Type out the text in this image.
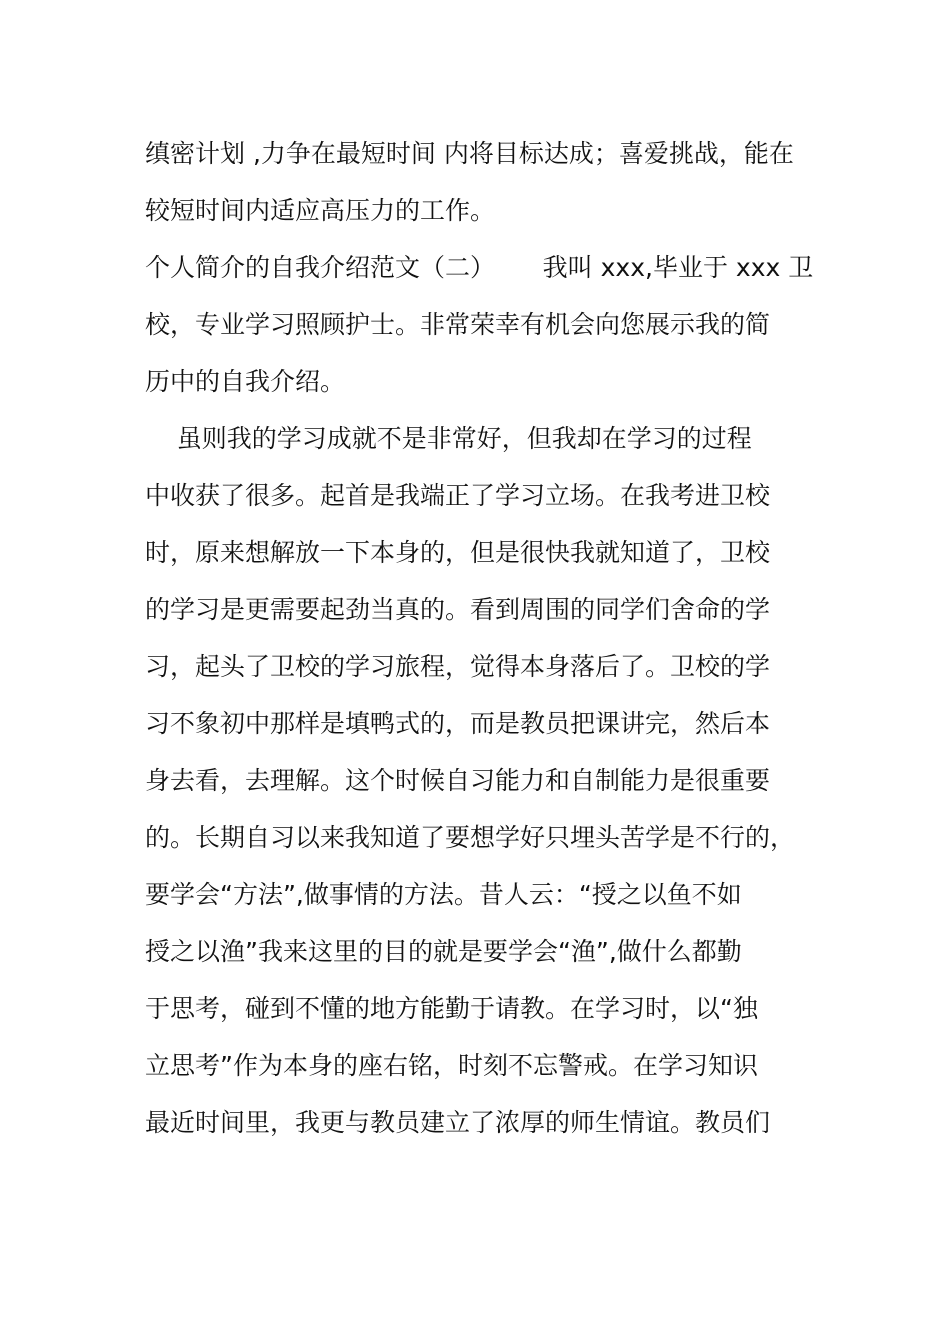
缜密计划 ,力争在最短时间 内将目标达成；喜爱挑战，能在
较短时间内适应高压力的工作。
个人简介的自我介绍范文（二）      我叫 xxx,毕业于 xxx 卫
校，专业学习照顾护士。非常荣幸有机会向您展示我的简
历中的自我介绍。
虽则我的学习成就不是非常好，但我却在学习的过程
中收获了很多。起首是我端正了学习立场。在我考进卫校
时，原来想解放一下本身的，但是很快我就知道了，卫校
的学习是更需要起劲当真的。看到周围的同学们舍命的学
习，起头了卫校的学习旅程，觉得本身落后了。卫校的学
习不象初中那样是填鸭式的，而是教员把课讲完，然后本
身去看，去理解。这个时候自习能力和自制能力是很重要
的。长期自习以来我知道了要想学好只埋头苦学是不行的，
要学会“方法”,做事情的方法。昔人云：“授之以鱼不如
授之以渔”我来这里的目的就是要学会“渔”,做什么都勤
于思考，碰到不懂的地方能勤于请教。在学习时，以“独
立思考”作为本身的座右铭，时刻不忘警戒。在学习知识
最近时间里，我更与教员建立了浓厚的师生情谊。教员们
